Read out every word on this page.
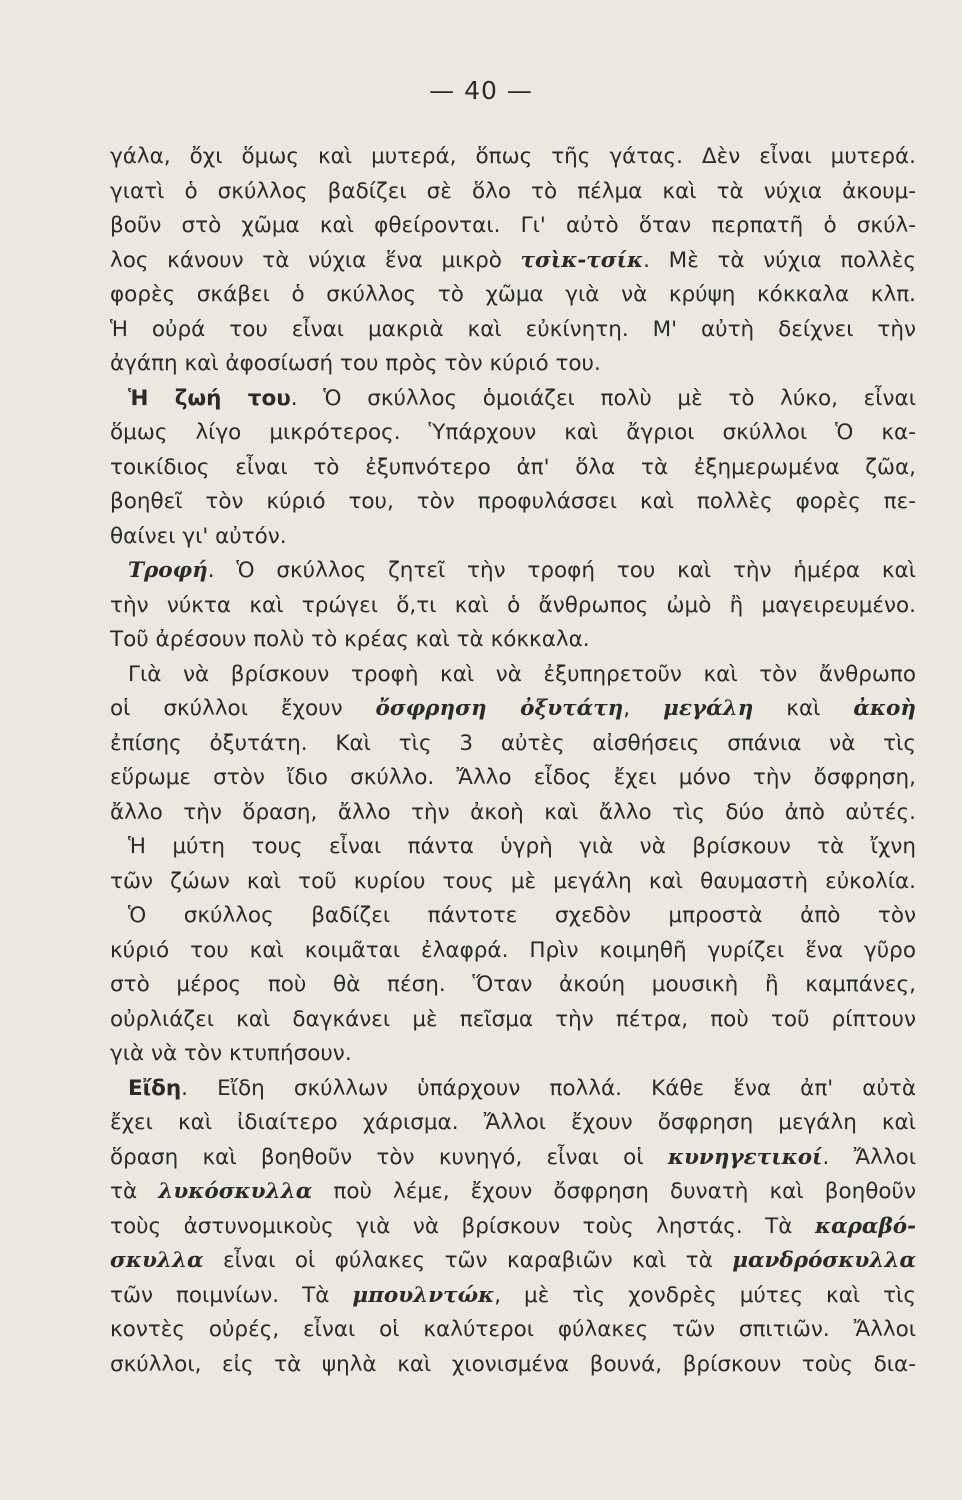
— 40 —
γάλα, ὄχι ὅμως καὶ μυτερά, ὅπως τῆς γάτας. Δὲν εἶναι μυτερά.
γιατὶ ὁ σκύλλος βαδίζει σὲ ὅλο τὸ πέλμα καὶ τὰ νύχια ἀκουμ-
βοῦν στὸ χῶμα καὶ φθείρονται. Γι' αὐτὸ ὅταν περπατῆ ὁ σκύλ-
λος κάνουν τὰ νύχια ἕνα μικρὸ τσὶκ-τσίκ. Μὲ τὰ νύχια πολλὲς
φορὲς σκάβει ὁ σκύλλος τὸ χῶμα γιὰ νὰ κρύψη κόκκαλα κλπ.
Ἡ οὐρά του εἶναι μακριὰ καὶ εὐκίνητη. Μ' αὐτὴ δείχνει τὴν
ἀγάπη καὶ ἀφοσίωσή του πρὸς τὸν κύριό του.
Ἡ ζωή του. Ὁ σκύλλος ὁμοιάζει πολὺ μὲ τὸ λύκο, εἶναι
ὅμως λίγο μικρότερος. Ὑπάρχουν καὶ ἄγριοι σκύλλοι Ὁ κα-
τοικίδιος εἶναι τὸ ἐξυπνότερο ἀπ' ὅλα τὰ ἐξημερωμένα ζῶα,
βοηθεῖ τὸν κύριό του, τὸν προφυλάσσει καὶ πολλὲς φορὲς πε-
θαίνει γι' αὐτόν.
Τροφή. Ὁ σκύλλος ζητεῖ τὴν τροφή του καὶ τὴν ἡμέρα καὶ
τὴν νύκτα καὶ τρώγει ὅ,τι καὶ ὁ ἄνθρωπος ὠμὸ ἢ μαγειρευμένο.
Τοῦ ἀρέσουν πολὺ τὸ κρέας καὶ τὰ κόκκαλα.
Γιὰ νὰ βρίσκουν τροφὴ καὶ νὰ ἐξυπηρετοῦν καὶ τὸν ἄνθρωπο
οἱ σκύλλοι ἔχουν ὄσφρηση ὀξυτάτη, μεγάλη καὶ ἀκοὴ
ἐπίσης ὀξυτάτη. Καὶ τὶς 3 αὐτὲς αἰσθήσεις σπάνια νὰ τὶς
εὕρωμε στὸν ἴδιο σκύλλο. Ἄλλο εἶδος ἔχει μόνο τὴν ὄσφρηση,
ἄλλο τὴν ὅραση, ἄλλο τὴν ἀκοὴ καὶ ἄλλο τὶς δύο ἀπὸ αὐτές.
Ἡ μύτη τους εἶναι πάντα ὑγρὴ γιὰ νὰ βρίσκουν τὰ ἴχνη
τῶν ζώων καὶ τοῦ κυρίου τους μὲ μεγάλη καὶ θαυμαστὴ εὐκολία.
Ὁ σκύλλος βαδίζει πάντοτε σχεδὸν μπροστὰ ἀπὸ τὸν
κύριό του καὶ κοιμᾶται ἐλαφρά. Πρὶν κοιμηθῆ γυρίζει ἕνα γῦρο
στὸ μέρος ποὺ θὰ πέση. Ὅταν ἀκούη μουσικὴ ἢ καμπάνες,
οὐρλιάζει καὶ δαγκάνει μὲ πεῖσμα τὴν πέτρα, ποὺ τοῦ ρίπτουν
γιὰ νὰ τὸν κτυπήσουν.
Εἴδη. Εἴδη σκύλλων ὑπάρχουν πολλά. Κάθε ἕνα ἀπ' αὐτὰ
ἔχει καὶ ἰδιαίτερο χάρισμα. Ἄλλοι ἔχουν ὄσφρηση μεγάλη καὶ
ὅραση καὶ βοηθοῦν τὸν κυνηγό, εἶναι οἱ κυνηγετικοί. Ἄλλοι
τὰ λυκόσκυλλα ποὺ λέμε, ἔχουν ὄσφρηση δυνατὴ καὶ βοηθοῦν
τοὺς ἀστυνομικοὺς γιὰ νὰ βρίσκουν τοὺς ληστάς. Τὰ καραβό-
σκυλλα εἶναι οἱ φύλακες τῶν καραβιῶν καὶ τὰ μανδρόσκυλλα
τῶν ποιμνίων. Τὰ μπουλντώκ, μὲ τὶς χονδρὲς μύτες καὶ τὶς
κοντὲς οὐρές, εἶναι οἱ καλύτεροι φύλακες τῶν σπιτιῶν. Ἄλλοι
σκύλλοι, εἰς τὰ ψηλὰ καὶ χιονισμένα βουνά, βρίσκουν τοὺς δια-
